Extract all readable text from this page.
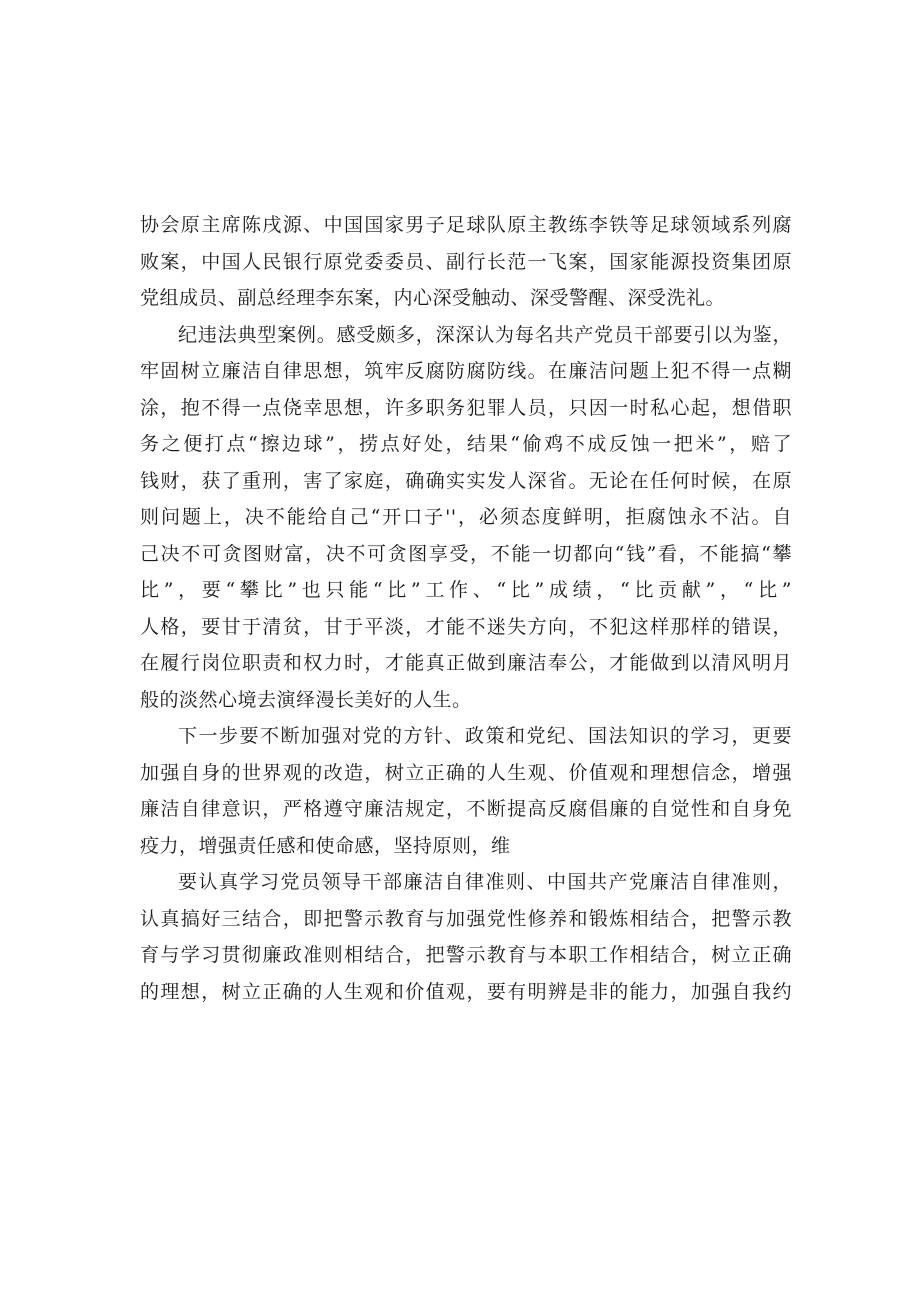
协会原主席陈戌源、中国国家男子足球队原主教练李铁等足球领域系列腐
败案，中国人民银行原党委委员、副行长范一飞案，国家能源投资集团原
党组成员、副总经理李东案，内心深受触动、深受警醒、深受洗礼。
纪违法典型案例。感受颇多，深深认为每名共产党员干部要引以为鉴，
牢固树立廉洁自律思想，筑牢反腐防腐防线。在廉洁问题上犯不得一点糊
涂，抱不得一点侥幸思想，许多职务犯罪人员，只因一时私心起，想借职
务之便打点“擦边球”，捞点好处，结果“偷鸡不成反蚀一把米”，赔了
钱财，获了重刑，害了家庭，确确实实发人深省。无论在任何时候，在原
则问题上，决不能给自己“开口子''，必须态度鲜明，拒腐蚀永不沾。自
己决不可贪图财富，决不可贪图享受，不能一切都向“钱”看，不能搞“攀
比”，要“攀比”也只能“比”工作、“比”成绩，“比贡献”，“比”
人格，要甘于清贫，甘于平淡，才能不迷失方向，不犯这样那样的错误，
在履行岗位职责和权力时，才能真正做到廉洁奉公，才能做到以清风明月
般的淡然心境去演绎漫长美好的人生。
下一步要不断加强对党的方针、政策和党纪、国法知识的学习，更要
加强自身的世界观的改造，树立正确的人生观、价值观和理想信念，增强
廉洁自律意识，严格遵守廉洁规定，不断提高反腐倡廉的自觉性和自身免
疫力，增强责任感和使命感，坚持原则，维
要认真学习党员领导干部廉洁自律准则、中国共产党廉洁自律准则，
认真搞好三结合，即把警示教育与加强党性修养和锻炼相结合，把警示教
育与学习贯彻廉政准则相结合，把警示教育与本职工作相结合，树立正确
的理想，树立正确的人生观和价值观，要有明辨是非的能力，加强自我约
